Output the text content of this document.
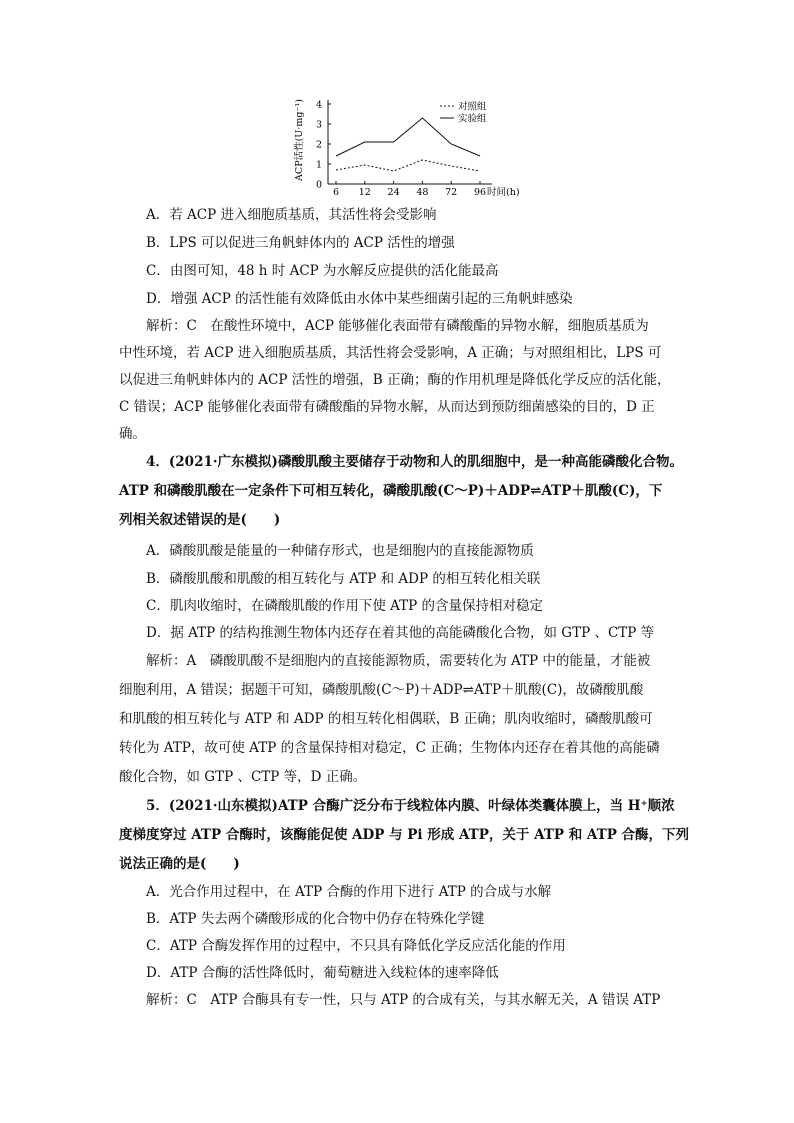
0
1
2
3
4
6 12 24 48 72 96 时间(h)
对照组
实验组
ACP活性(U·mg⁻¹)
A．若 ACP 进入细胞质基质，其活性将会受影响
B．LPS 可以促进三角帆蚌体内的 ACP 活性的增强
C．由图可知，48 h 时 ACP 为水解反应提供的活化能最高
D．增强 ACP 的活性能有效降低由水体中某些细菌引起的三角帆蚌感染
解析：C　在酸性环境中，ACP 能够催化表面带有磷酸酯的异物水解，细胞质基质为
中性环境，若 ACP 进入细胞质基质，其活性将会受影响，A 正确；与对照组相比，LPS 可
以促进三角帆蚌体内的 ACP 活性的增强，B 正确；酶的作用机理是降低化学反应的活化能，
C 错误；ACP 能够催化表面带有磷酸酯的异物水解，从而达到预防细菌感染的目的，D 正
确。
4．(2021·广东模拟)磷酸肌酸主要储存于动物和人的肌细胞中，是一种高能磷酸化合物。
ATP 和磷酸肌酸在一定条件下可相互转化，磷酸肌酸(C～P)＋ADP⇌ATP＋肌酸(C)，下
列相关叙述错误的是(　　)
A．磷酸肌酸是能量的一种储存形式，也是细胞内的直接能源物质
B．磷酸肌酸和肌酸的相互转化与 ATP 和 ADP 的相互转化相关联
C．肌肉收缩时，在磷酸肌酸的作用下使 ATP 的含量保持相对稳定
D．据 ATP 的结构推测生物体内还存在着其他的高能磷酸化合物，如 GTP 、CTP 等
解析：A　磷酸肌酸不是细胞内的直接能源物质，需要转化为 ATP 中的能量，才能被
细胞利用，A 错误；据题干可知，磷酸肌酸(C～P)＋ADP⇌ATP＋肌酸(C)，故磷酸肌酸
和肌酸的相互转化与 ATP 和 ADP 的相互转化相偶联，B 正确；肌肉收缩时，磷酸肌酸可
转化为 ATP，故可使 ATP 的含量保持相对稳定，C 正确；生物体内还存在着其他的高能磷
酸化合物，如 GTP 、CTP 等，D 正确。
5．(2021·山东模拟)ATP 合酶广泛分布于线粒体内膜、叶绿体类囊体膜上，当 H⁺顺浓
度梯度穿过 ATP 合酶时，该酶能促使 ADP 与 Pi 形成 ATP，关于 ATP 和 ATP 合酶，下列
说法正确的是(　　)
A．光合作用过程中，在 ATP 合酶的作用下进行 ATP 的合成与水解
B．ATP 失去两个磷酸形成的化合物中仍存在特殊化学键
C．ATP 合酶发挥作用的过程中，不只具有降低化学反应活化能的作用
D．ATP 合酶的活性降低时，葡萄糖进入线粒体的速率降低
解析：C　ATP 合酶具有专一性，只与 ATP 的合成有关，与其水解无关，A 错误 ATP
